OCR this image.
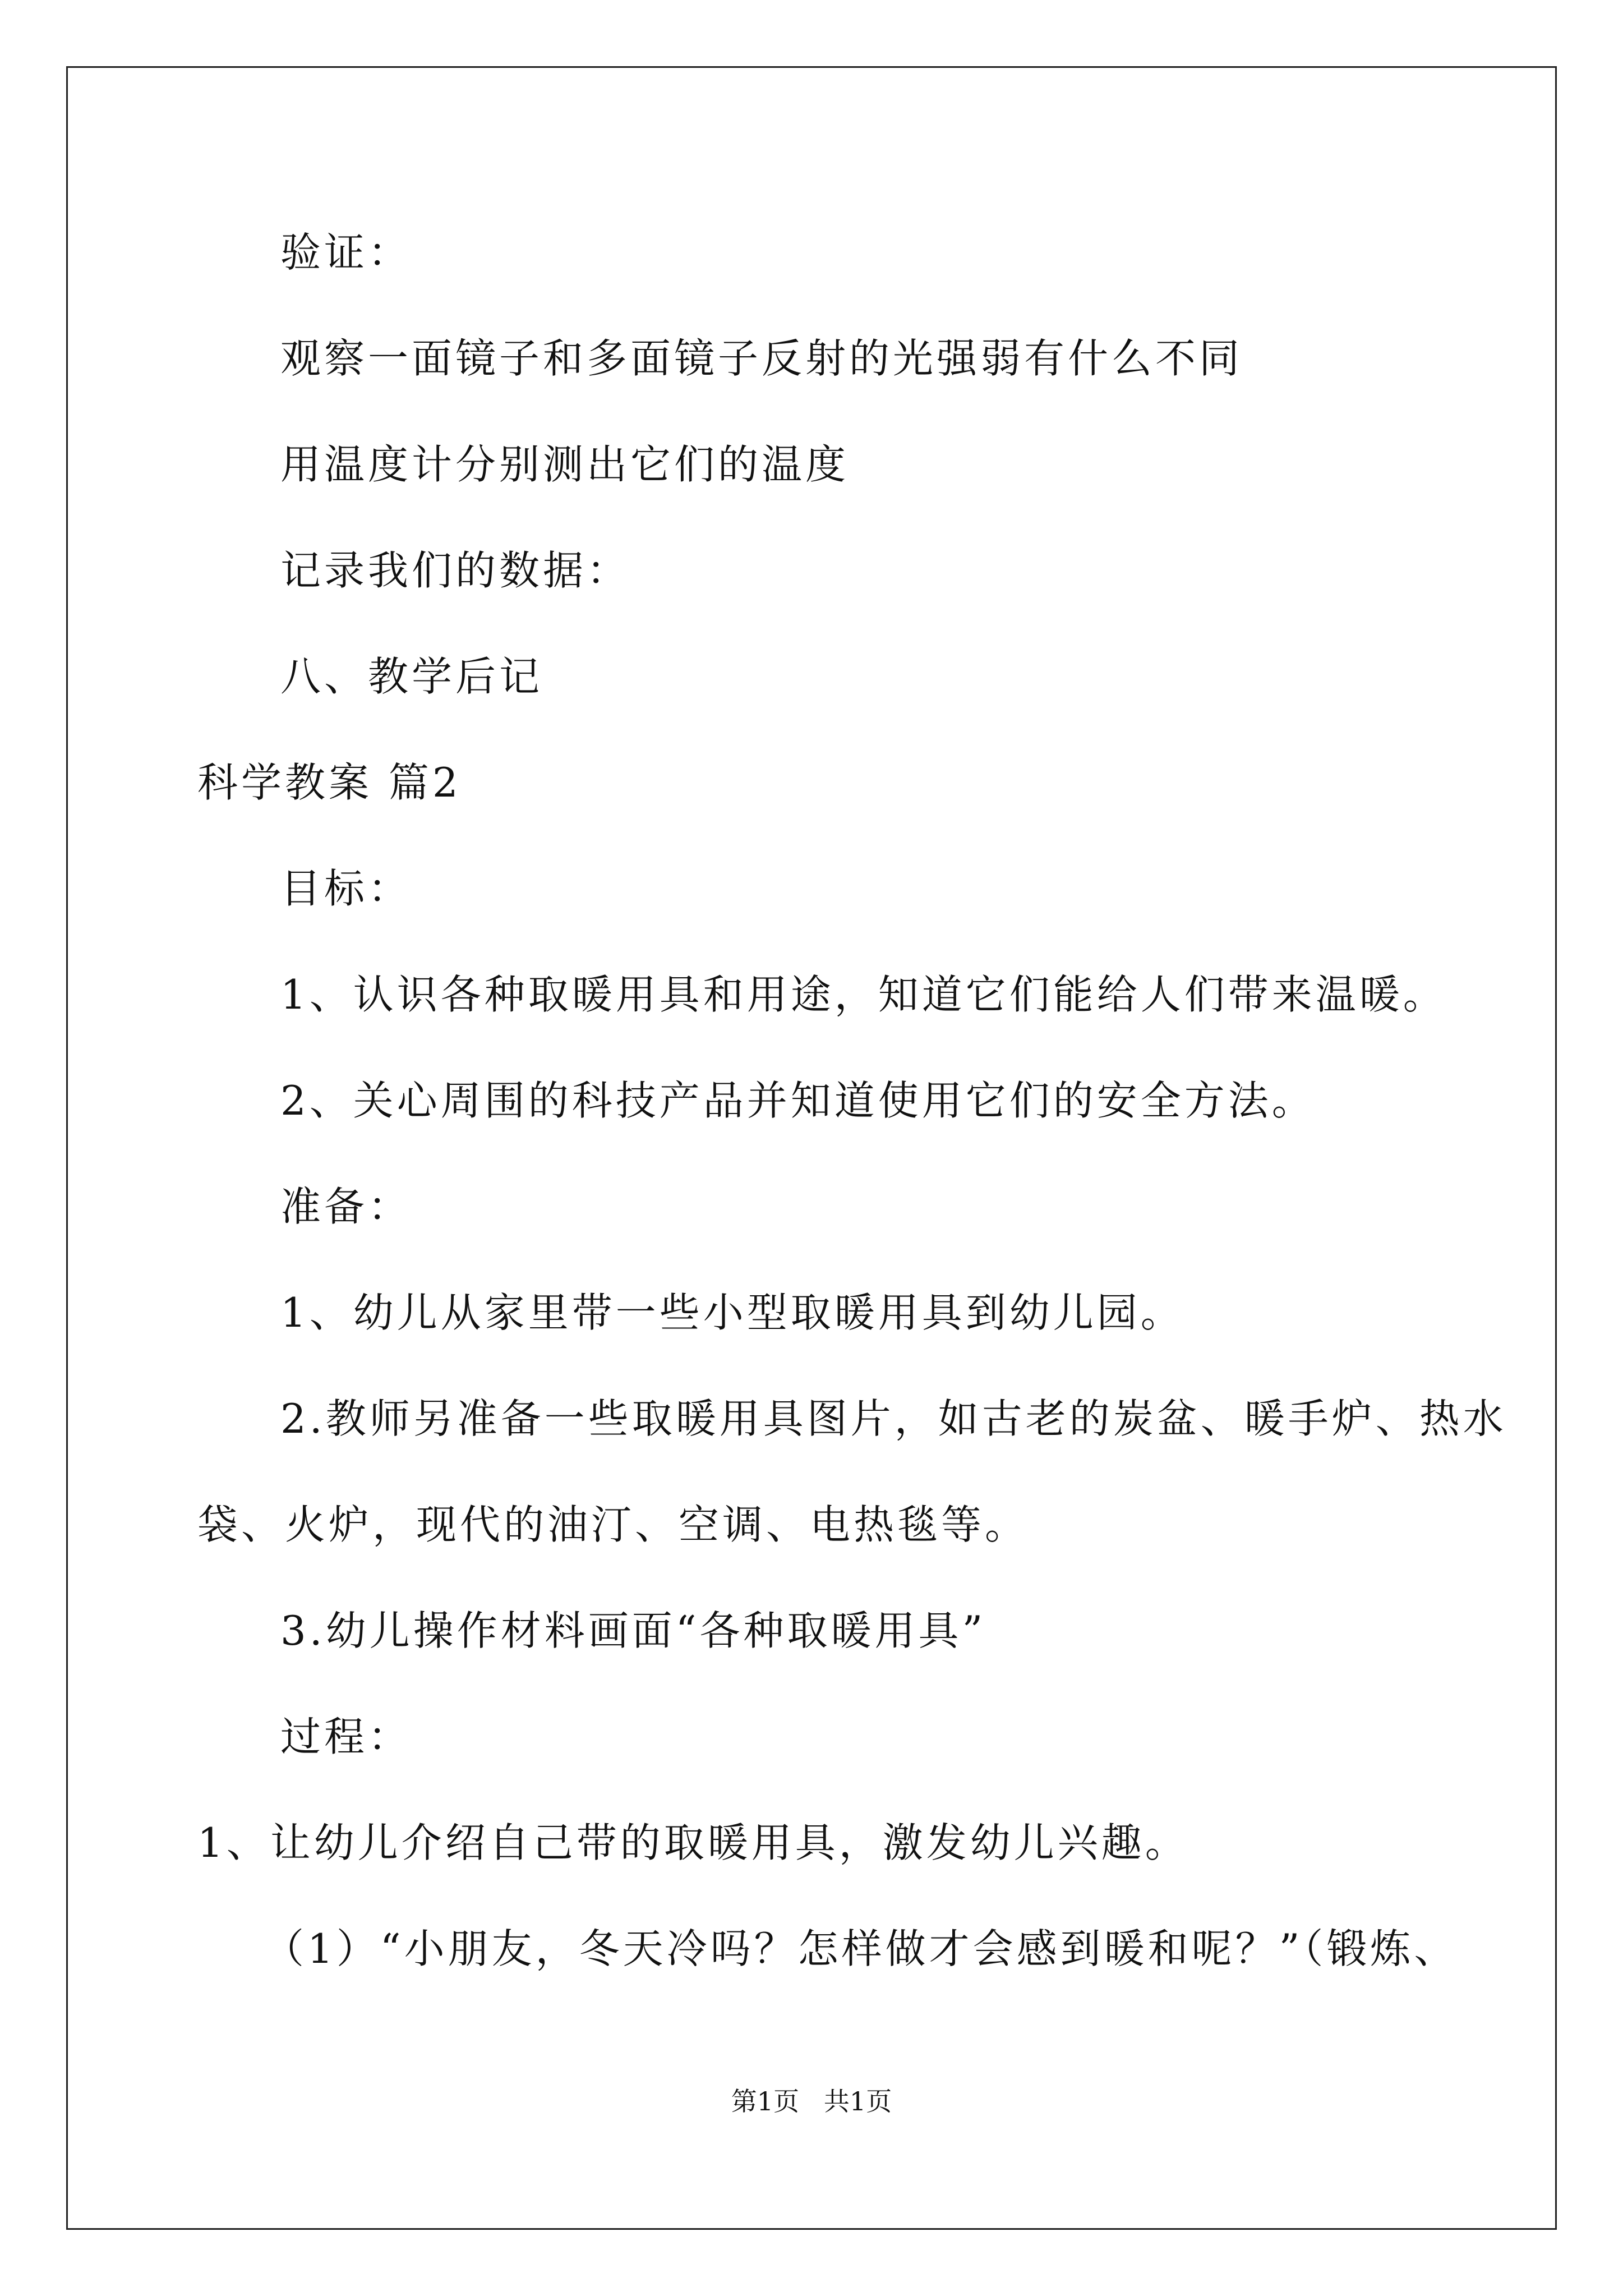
验证：
观察一面镜子和多面镜子反射的光强弱有什么不同
用温度计分别测出它们的温度
记录我们的数据：
八、教学后记
科学教案 篇2
目标：
1、认识各种取暖用具和用途，知道它们能给人们带来温暖。
2、关心周围的科技产品并知道使用它们的安全方法。
准备：
1、幼儿从家里带一些小型取暖用具到幼儿园。
2.教师另准备一些取暖用具图片，如古老的炭盆、暖手炉、热水
袋、火炉，现代的油汀、空调、电热毯等。
3.幼儿操作材料画面“各种取暖用具”
过程：
1、让幼儿介绍自己带的取暖用具，激发幼儿兴趣。
（1）“小朋友，冬天冷吗？怎样做才会感到暖和呢？”（锻炼、
第1页   共1页
